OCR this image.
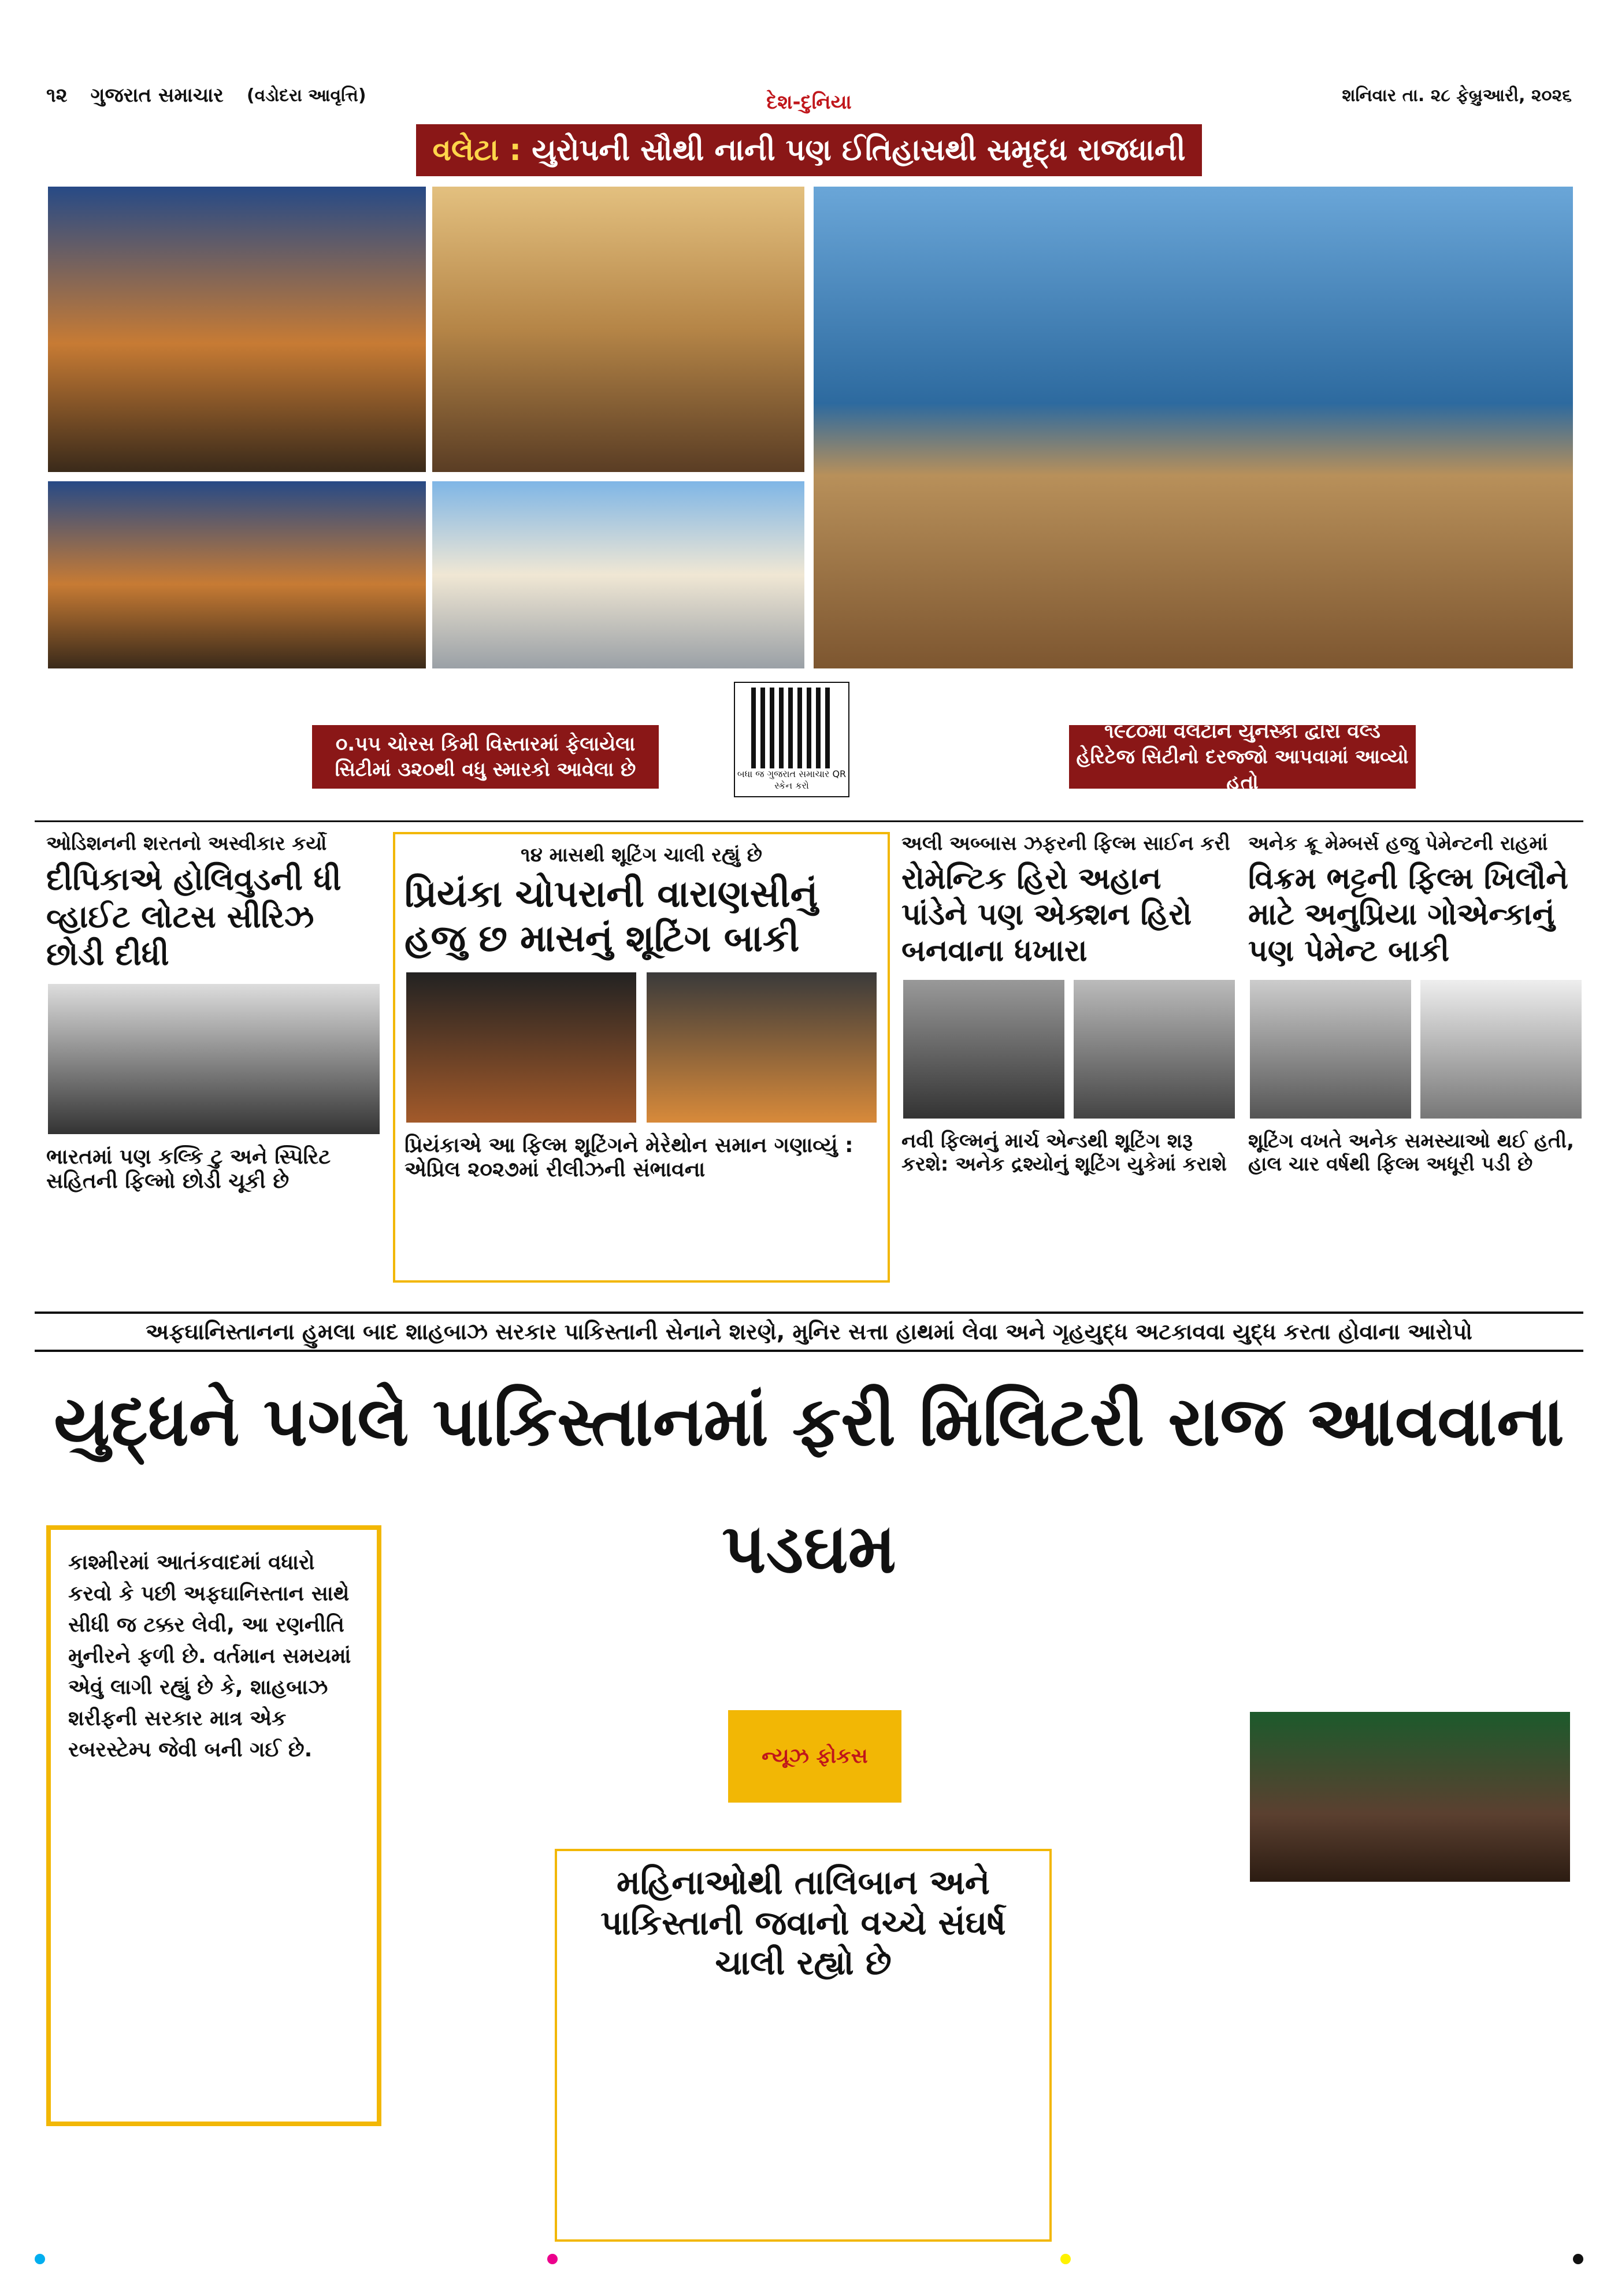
૧૨ ગુજરાત સમાચાર (વડોદરા આવૃત્તિ)	શનિવાર તા. ૨૮ ફેબ્રુઆરી, ૨૦૨૬
દેશ-દુનિયા
વલેટા : યુરોપની સૌથી નાની પણ ઈતિહાસથી સમૃદ્ધ રાજધાની
૦.૫૫ ચોરસ કિમી વિસ્તારમાં ફેલાયેલા સિટીમાં ૩૨૦થી વધુ સ્મારકો આવેલા છે
૧૯૮૦માં વલેટાને યુનેસ્કો દ્વારા વર્લ્ડ હેરિટેજ સિટીનો દરજ્જો આપવામાં આવ્યો હતો
બધા જ ગુજરાત સમાચાર QR સ્કેન કરો
ઓડિશનની શરતનો અસ્વીકાર કર્યો
દીપિકાએ હોલિવુડની ધી વ્હાઈટ લોટસ સીરિઝ છોડી દીધી
ભારતમાં પણ કલ્કિ ટુ અને સ્પિરિટ સહિતની ફિલ્મો છોડી ચૂકી છે
૧૪ માસથી શૂટિંગ ચાલી રહ્યું છે
પ્રિયંકા ચોપરાની વારાણસીનું હજુ છ માસનું શૂટિંગ બાકી
પ્રિયંકાએ આ ફિલ્મ શૂટિંગને મેરેથોન સમાન ગણાવ્યું : એપ્રિલ ૨૦૨૭માં રીલીઝની સંભાવના
અલી અબ્બાસ ઝફરની ફિલ્મ સાઈન કરી
રોમેન્ટિક હિરો અહાન પાંડેને પણ એક્શન હિરો બનવાના ધખારા
નવી ફિલ્મનું માર્ચ એન્ડથી શૂટિંગ શરૂ કરશે: અનેક દ્રશ્યોનું શૂટિંગ યુકેમાં કરાશે
અનેક ક્રૂ મેમ્બર્સ હજુ પેમેન્ટની રાહમાં
વિક્રમ ભટ્ટની ફિલ્મ ખિલૌને માટે અનુપ્રિયા ગોએન્કાનું પણ પેમેન્ટ બાકી
શૂટિંગ વખતે અનેક સમસ્યાઓ થઈ હતી, હાલ ચાર વર્ષથી ફિલ્મ અધૂરી પડી છે
અફઘાનિસ્તાનના હુમલા બાદ શાહબાઝ સરકાર પાકિસ્તાની સેનાને શરણે, મુનિર સત્તા હાથમાં લેવા અને ગૃહયુદ્ધ અટકાવવા યુદ્ધ કરતા હોવાના આરોપો
યુદ્ધને પગલે પાકિસ્તાનમાં ફરી મિલિટરી રાજ આવવાના પડઘમ
કાશ્મીરમાં આતંકવાદમાં વધારો કરવો કે પછી અફઘાનિસ્તાન સાથે સીધી જ ટક્કર લેવી, આ રણનીતિ મુનીરને ફળી છે. વર્તમાન સમયમાં એવું લાગી રહ્યું છે કે, શાહબાઝ શરીફની સરકાર માત્ર એક રબરસ્ટેમ્પ જેવી બની ગઈ છે.	ન્યૂઝ ફોકસ
મહિનાઓથી તાલિબાન અને પાકિસ્તાની જવાનો વચ્ચે સંઘર્ષ ચાલી રહ્યો છે
